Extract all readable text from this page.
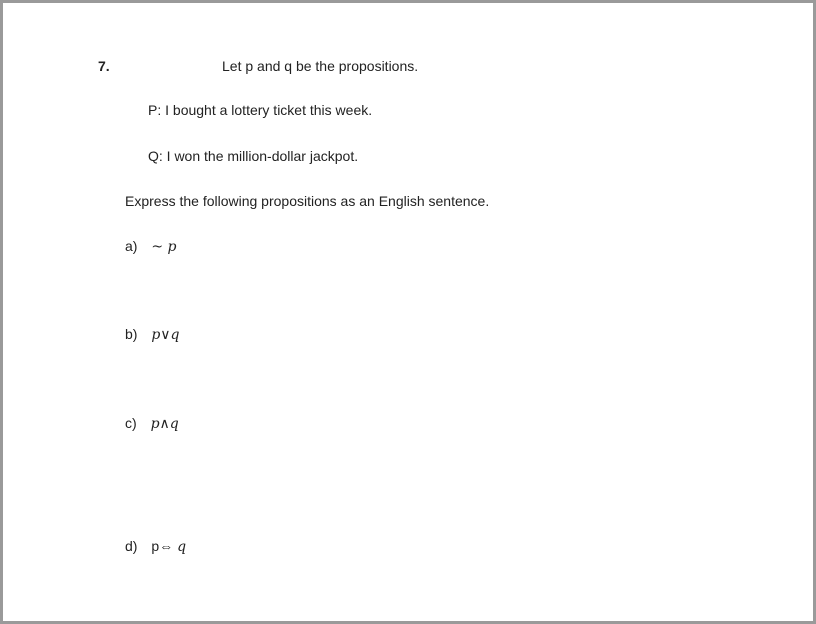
7.	Let p and q be the propositions.
P: I bought a lottery ticket this week.
Q: I won the million-dollar jackpot.
Express the following propositions as an English sentence.
a) ~ p
b) p∨q
c) p∧q
d) p⇔ q
